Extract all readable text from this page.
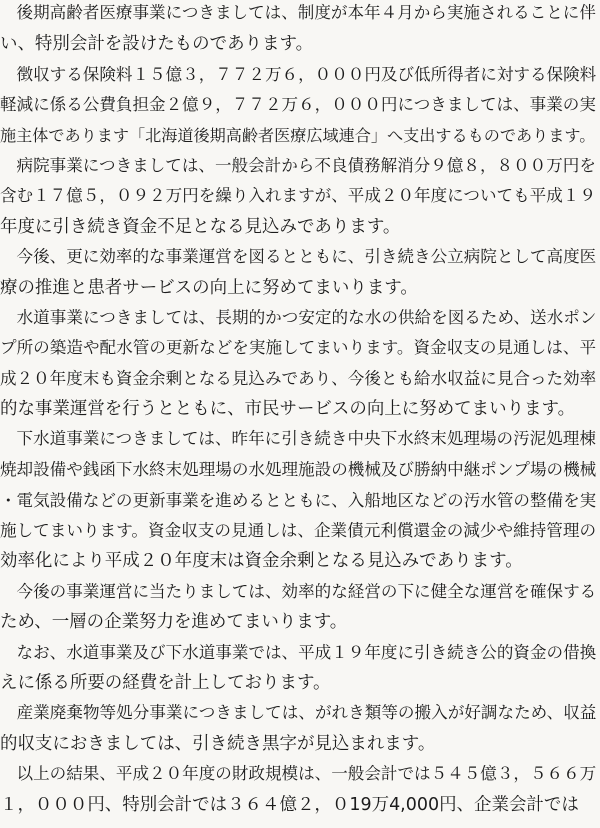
　後期高齢者医療事業につきましては、制度が本年４月から実施されることに伴
い、特別会計を設けたものであります。
　徴収する保険料１５億３，７７２万６，０００円及び低所得者に対する保険料
軽減に係る公費負担金２億９，７７２万６，０００円につきましては、事業の実
施主体であります「北海道後期高齢者医療広域連合」へ支出するものであります。
　病院事業につきましては、一般会計から不良債務解消分９億８，８００万円を
含む１７億５，０９２万円を繰り入れますが、平成２０年度についても平成１９
年度に引き続き資金不足となる見込みであります。
　今後、更に効率的な事業運営を図るとともに、引き続き公立病院として高度医
療の推進と患者サービスの向上に努めてまいります。
　水道事業につきましては、長期的かつ安定的な水の供給を図るため、送水ポン
プ所の築造や配水管の更新などを実施してまいります。資金収支の見通しは、平
成２０年度末も資金余剰となる見込みであり、今後とも給水収益に見合った効率
的な事業運営を行うとともに、市民サービスの向上に努めてまいります。
　下水道事業につきましては、昨年に引き続き中央下水終末処理場の汚泥処理棟
焼却設備や銭函下水終末処理場の水処理施設の機械及び勝納中継ポンプ場の機械
・電気設備などの更新事業を進めるとともに、入船地区などの汚水管の整備を実
施してまいります。資金収支の見通しは、企業債元利償還金の減少や維持管理の
効率化により平成２０年度末は資金余剰となる見込みであります。
　今後の事業運営に当たりましては、効率的な経営の下に健全な運営を確保する
ため、一層の企業努力を進めてまいります。
　なお、水道事業及び下水道事業では、平成１９年度に引き続き公的資金の借換
えに係る所要の経費を計上しております。
　産業廃棄物等処分事業につきましては、がれき類等の搬入が好調なため、収益
的収支におきましては、引き続き黒字が見込まれます。
　以上の結果、平成２０年度の財政規模は、一般会計では５４５億３，５６６万
１，０００円、特別会計では３６４億２，０19万4,000円、企業会計では
